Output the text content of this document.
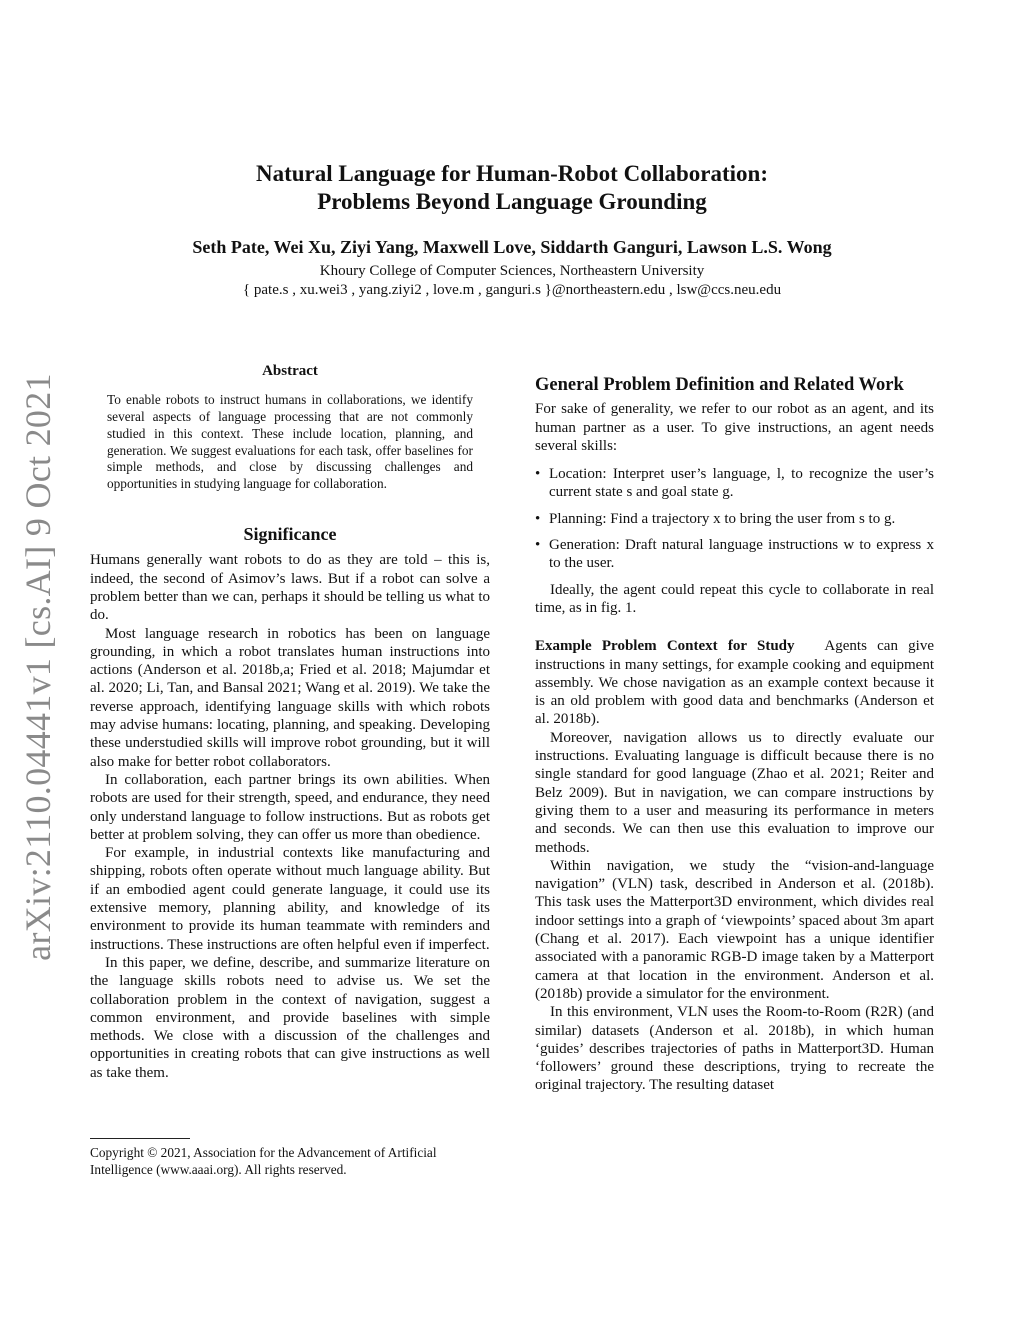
arXiv:2110.04441v1 [cs.AI] 9 Oct 2021
Natural Language for Human-Robot Collaboration:
Problems Beyond Language Grounding
Seth Pate, Wei Xu, Ziyi Yang, Maxwell Love, Siddarth Ganguri, Lawson L.S. Wong
Khoury College of Computer Sciences, Northeastern University
{ pate.s , xu.wei3 , yang.ziyi2 , love.m , ganguri.s }@northeastern.edu , lsw@ccs.neu.edu
Abstract
To enable robots to instruct humans in collaborations, we identify several aspects of language processing that are not commonly studied in this context. These include location, planning, and generation. We suggest evaluations for each task, offer baselines for simple methods, and close by discussing challenges and opportunities in studying language for collaboration.
Significance

Humans generally want robots to do as they are told – this is, indeed, the second of Asimov’s laws. But if a robot can solve a problem better than we can, perhaps it should be telling us what to do.

Most language research in robotics has been on language grounding, in which a robot translates human instructions into actions (Anderson et al. 2018b,a; Fried et al. 2018; Majumdar et al. 2020; Li, Tan, and Bansal 2021; Wang et al. 2019). We take the reverse approach, identifying language skills with which robots may advise humans: locating, planning, and speaking. Developing these understudied skills will improve robot grounding, but it will also make for better robot collaborators.

In collaboration, each partner brings its own abilities. When robots are used for their strength, speed, and endurance, they need only understand language to follow instructions. But as robots get better at problem solving, they can offer us more than obedience.

For example, in industrial contexts like manufacturing and shipping, robots often operate without much language ability. But if an embodied agent could generate language, it could use its extensive memory, planning ability, and knowledge of its environment to provide its human teammate with reminders and instructions. These instructions are often helpful even if imperfect.

In this paper, we define, describe, and summarize literature on the language skills robots need to advise us. We set the collaboration problem in the context of navigation, suggest a common environment, and provide baselines with simple methods. We close with a discussion of the challenges and opportunities in creating robots that can give instructions as well as take them.

Copyright © 2021, Association for the Advancement of Artificial Intelligence (www.aaai.org). All rights reserved.
General Problem Definition and Related Work

For sake of generality, we refer to our robot as an agent, and its human partner as a user. To give instructions, an agent needs several skills:

• Location: Interpret user’s language, l, to recognize the user’s current state s and goal state g.
• Planning: Find a trajectory x to bring the user from s to g.
• Generation: Draft natural language instructions w to express x to the user.

Ideally, the agent could repeat this cycle to collaborate in real time, as in fig. 1.

Example Problem Context for Study Agents can give instructions in many settings, for example cooking and equipment assembly. We chose navigation as an example context because it is an old problem with good data and benchmarks (Anderson et al. 2018b).

Moreover, navigation allows us to directly evaluate our instructions. Evaluating language is difficult because there is no single standard for good language (Zhao et al. 2021; Reiter and Belz 2009). But in navigation, we can compare instructions by giving them to a user and measuring its performance in meters and seconds. We can then use this evaluation to improve our methods.

Within navigation, we study the “vision-and-language navigation” (VLN) task, described in Anderson et al. (2018b). This task uses the Matterport3D environment, which divides real indoor settings into a graph of ‘viewpoints’ spaced about 3m apart (Chang et al. 2017). Each viewpoint has a unique identifier associated with a panoramic RGB-D image taken by a Matterport camera at that location in the environment. Anderson et al. (2018b) provide a simulator for the environment.

In this environment, VLN uses the Room-to-Room (R2R) (and similar) datasets (Anderson et al. 2018b), in which human ‘guides’ describes trajectories of paths in Matterport3D. Human ‘followers’ ground these descriptions, trying to recreate the original trajectory. The resulting dataset
